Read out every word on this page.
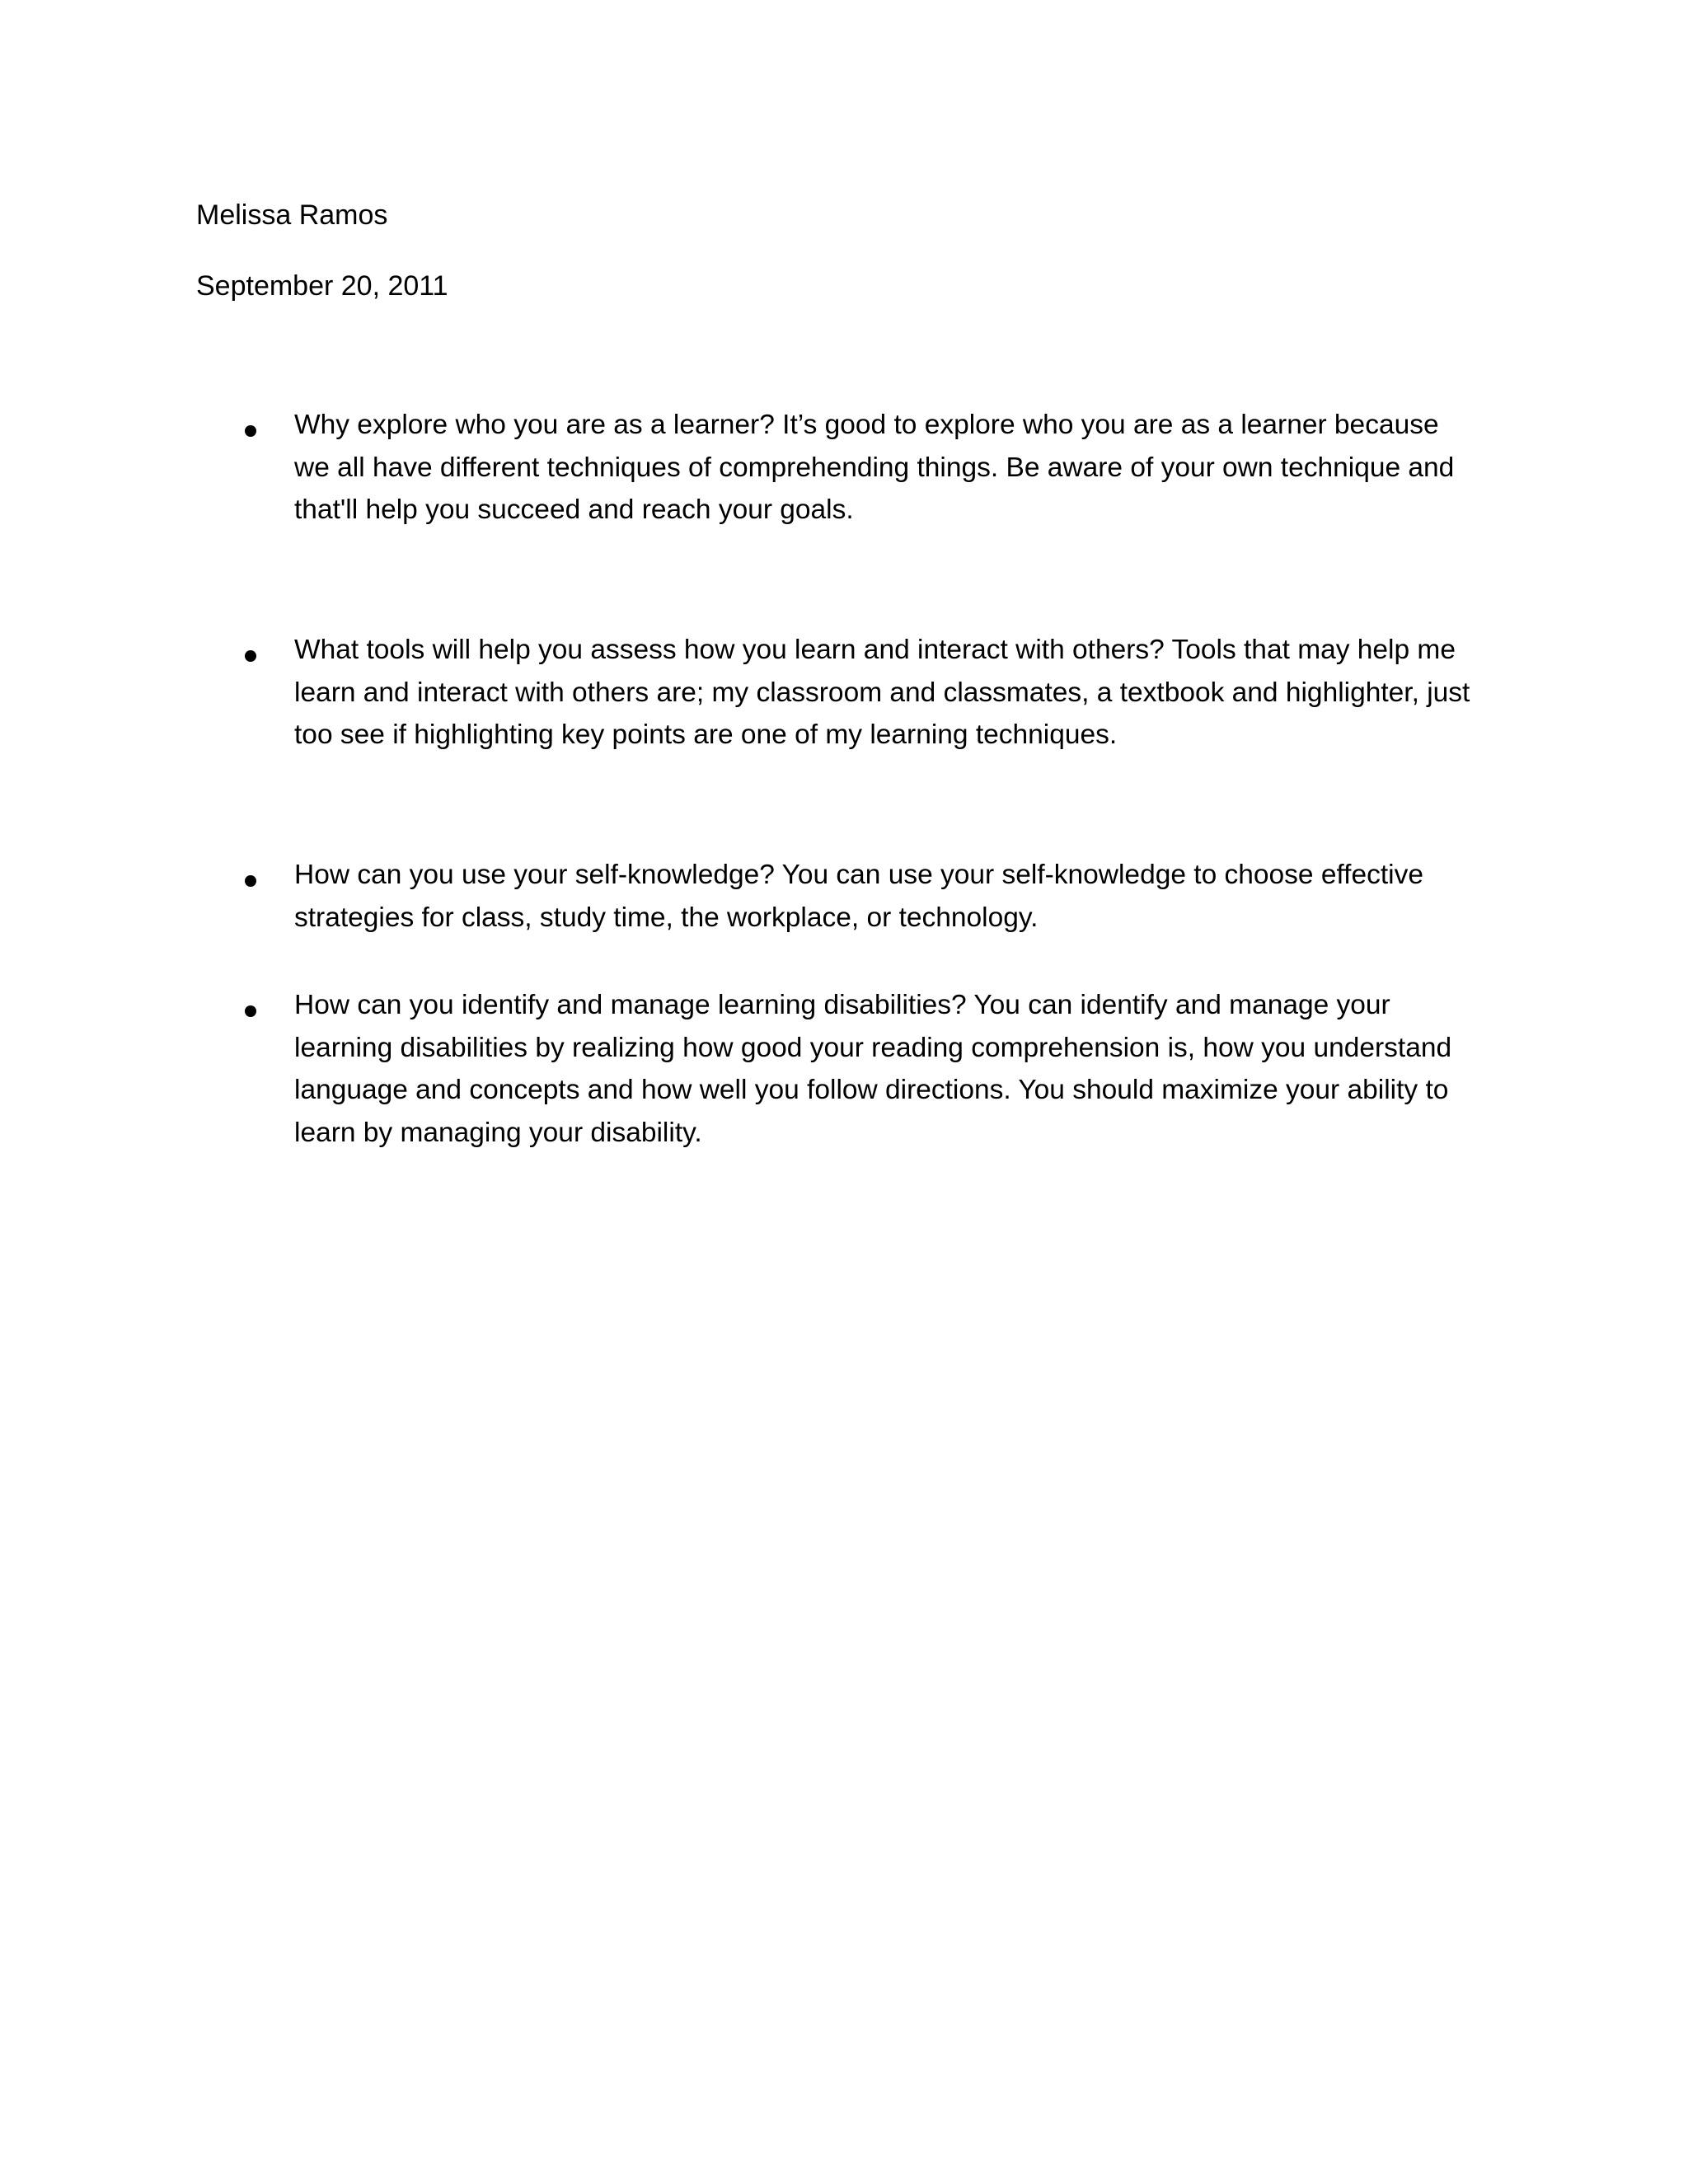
Melissa Ramos
September 20, 2011

Why explore who you are as a learner? It’s good to explore who you are as a learner because we all have different techniques of comprehending things. Be aware of your own technique and that'll help you succeed and reach your goals.

What tools will help you assess how you learn and interact with others? Tools that may help me learn and interact with others are; my classroom and classmates, a textbook and highlighter, just too see if highlighting key points are one of my learning techniques.

How can you use your self-knowledge? You can use your self-knowledge to choose effective strategies for class, study time, the workplace, or technology.

How can you identify and manage learning disabilities? You can identify and manage your learning disabilities by realizing how good your reading comprehension is, how you understand language and concepts and how well you follow directions. You should maximize your ability to learn by managing your disability.
